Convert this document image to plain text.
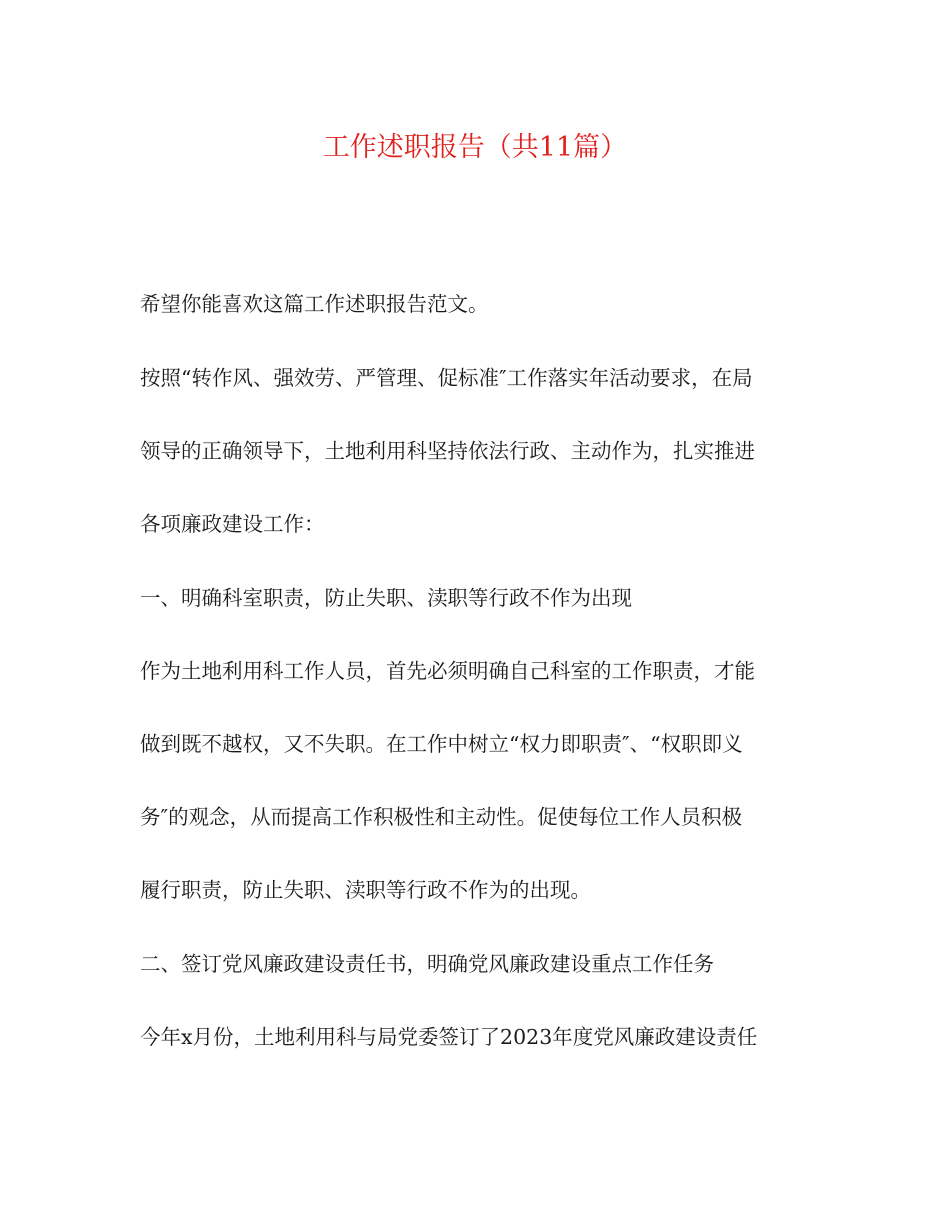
工作述职报告（共11篇）
希望你能喜欢这篇工作述职报告范文。
按照“转作风、强效劳、严管理、促标准″工作落实年活动要求，在局
领导的正确领导下，土地利用科坚持依法行政、主动作为，扎实推进
各项廉政建设工作：
一、明确科室职责，防止失职、渎职等行政不作为出现
作为土地利用科工作人员，首先必须明确自己科室的工作职责，才能
做到既不越权，又不失职。在工作中树立“权力即职责″、“权职即义
务″的观念，从而提高工作积极性和主动性。促使每位工作人员积极
履行职责，防止失职、渎职等行政不作为的出现。
二、签订党风廉政建设责任书，明确党风廉政建设重点工作任务
今年x月份，土地利用科与局党委签订了2023年度党风廉政建设责任
